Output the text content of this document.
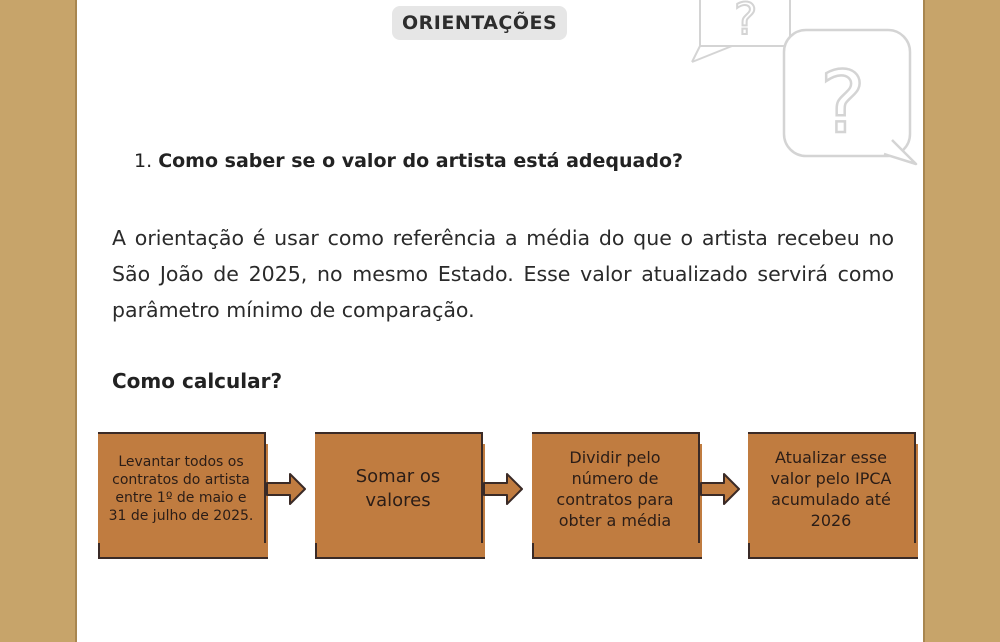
?
?
ORIENTAÇÕES
1. Como saber se o valor do artista está adequado?
A orientação é usar como referência a média do que o artista recebeu no São João de 2025, no mesmo Estado. Esse valor atualizado servirá como parâmetro mínimo de comparação.
Como calcular?
Levantar todos os contratos do artista entre 1º de maio e 31 de julho de 2025.
Somar os valores
Dividir pelo número de contratos para obter a média
Atualizar esse valor pelo IPCA acumulado até 2026
